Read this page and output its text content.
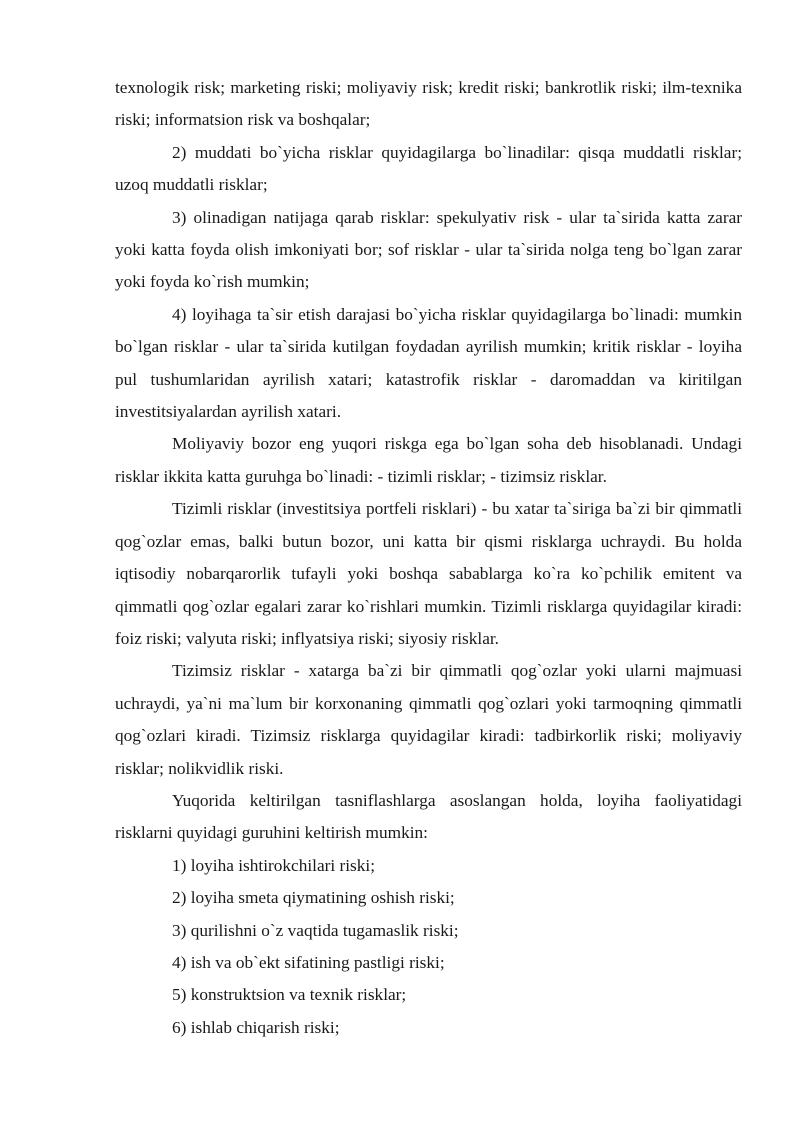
texnologik risk; marketing riski; moliyaviy risk; kredit riski; bankrotlik riski; ilm-texnika riski; informatsion risk va boshqalar;

2) muddati bo`yicha risklar quyidagilarga bo`linadilar: qisqa muddatli risklar; uzoq muddatli risklar;

3) olinadigan natijaga qarab risklar: spekulyativ risk - ular ta`sirida katta zarar yoki katta foyda olish imkoniyati bor; sof risklar - ular ta`sirida nolga teng bo`lgan zarar yoki foyda ko`rish mumkin;

4) loyihaga ta`sir etish darajasi bo`yicha risklar quyidagilarga bo`linadi: mumkin bo`lgan risklar - ular ta`sirida kutilgan foydadan ayrilish mumkin; kritik risklar - loyiha pul tushumlaridan ayrilish xatari; katastrofik risklar - daromaddan va kiritilgan investitsiyalardan ayrilish xatari.

Moliyaviy bozor eng yuqori riskga ega bo`lgan soha deb hisoblanadi. Undagi risklar ikkita katta guruhga bo`linadi: - tizimli risklar; - tizimsiz risklar.

Tizimli risklar (investitsiya portfeli risklari) - bu xatar ta`siriga ba`zi bir qimmatli qog`ozlar emas, balki butun bozor, uni katta bir qismi risklarga uchraydi. Bu holda iqtisodiy nobarqarorlik tufayli yoki boshqa sabablarga ko`ra ko`pchilik emitent va qimmatli qog`ozlar egalari zarar ko`rishlari mumkin. Tizimli risklarga quyidagilar kiradi: foiz riski; valyuta riski; inflyatsiya riski; siyosiy risklar.

Tizimsiz risklar - xatarga ba`zi bir qimmatli qog`ozlar yoki ularni majmuasi uchraydi, ya`ni ma`lum bir korxonaning qimmatli qog`ozlari yoki tarmoqning qimmatli qog`ozlari kiradi. Tizimsiz risklarga quyidagilar kiradi: tadbirkorlik riski; moliyaviy risklar; nolikvidlik riski.

Yuqorida keltirilgan tasniflashlarga asoslangan holda, loyiha faoliyatidagi risklarni quyidagi guruhini keltirish mumkin:

1) loyiha ishtirokchilari riski;

2) loyiha smeta qiymatining oshish riski;

3) qurilishni o`z vaqtida tugamaslik riski;

4) ish va ob`ekt sifatining pastligi riski;

5) konstruktsion va texnik risklar;

6) ishlab chiqarish riski;
